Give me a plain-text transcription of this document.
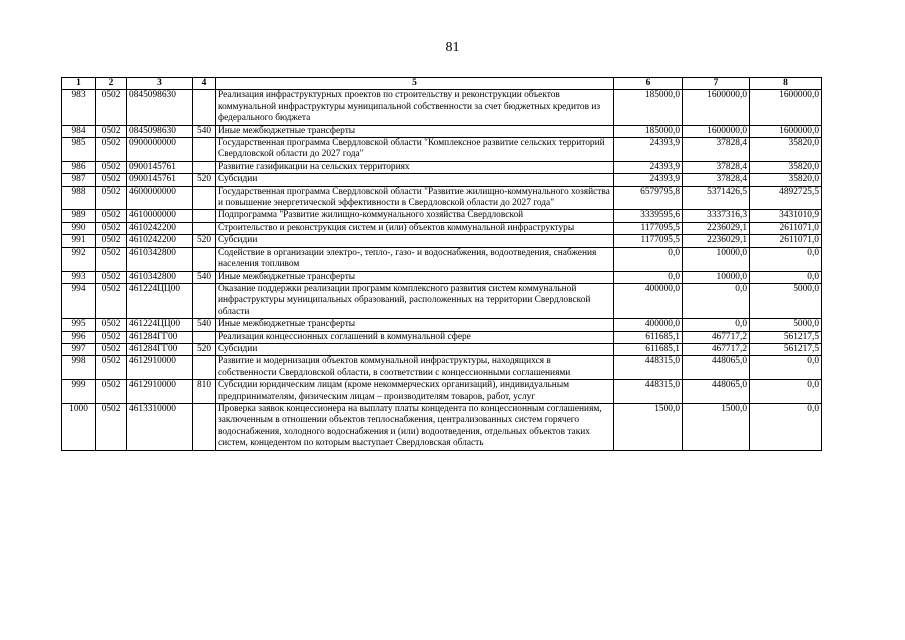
81
1	2	3	4	5	6	7	8
983	0502	0845098630		Реализация инфраструктурных проектов по строительству и реконструкции объектов коммунальной инфраструктуры муниципальной собственности за счет бюджетных кредитов из федерального бюджета	185000,0	1600000,0	1600000,0
984	0502	0845098630	540	Иные межбюджетные трансферты	185000,0	1600000,0	1600000,0
985	0502	0900000000		Государственная программа Свердловской области "Комплексное развитие сельских территорий Свердловской области до 2027 года"	24393,9	37828,4	35820,0
986	0502	0900145761		Развитие газификации на сельских территориях	24393,9	37828,4	35820,0
987	0502	0900145761	520	Субсидии	24393,9	37828,4	35820,0
988	0502	4600000000		Государственная программа Свердловской области "Развитие жилищно-коммунального хозяйства и повышение энергетической эффективности в Свердловской области до 2027 года"	6579795,8	5371426,5	4892725,5
989	0502	4610000000		Подпрограмма "Развитие жилищно-коммунального хозяйства Свердловской	3339595,6	3337316,3	3431010,9
990	0502	4610242200		Строительство и реконструкция систем и (или) объектов коммунальной инфраструктуры	1177095,5	2236029,1	2611071,0
991	0502	4610242200	520	Субсидии	1177095,5	2236029,1	2611071,0
992	0502	4610342800		Содействие в организации электро-, тепло-, газо- и водоснабжения, водоотведения, снабжения населения топливом	0,0	10000,0	0,0
993	0502	4610342800	540	Иные межбюджетные трансферты	0,0	10000,0	0,0
994	0502	461224ЦЦ00		Оказание поддержки реализации программ комплексного развития систем коммунальной инфраструктуры муниципальных образований, расположенных на территории Свердловской области	400000,0	0,0	5000,0
995	0502	461224ЦЦ00	540	Иные межбюджетные трансферты	400000,0	0,0	5000,0
996	0502	461284ГГ00		Реализация концессионных соглашений в коммунальной сфере	611685,1	467717,2	561217,5
997	0502	461284ГГ00	520	Субсидии	611685,1	467717,2	561217,5
998	0502	4612910000		Развитие и модернизация объектов коммунальной инфраструктуры, находящихся в собственности Свердловской области, в соответствии с концессионными соглашениями	448315,0	448065,0	0,0
999	0502	4612910000	810	Субсидии юридическим лицам (кроме некоммерческих организаций), индивидуальным предпринимателям, физическим лицам – производителям товаров, работ, услуг	448315,0	448065,0	0,0
1000	0502	4613310000		Проверка заявок концессионера на выплату платы концедента по концессионным соглашениям, заключенным в отношении объектов теплоснабжения, централизованных систем горячего водоснабжения, холодного водоснабжения и (или) водоотведения, отдельных объектов таких систем, концедентом по которым выступает Свердловская область	1500,0	1500,0	0,0
